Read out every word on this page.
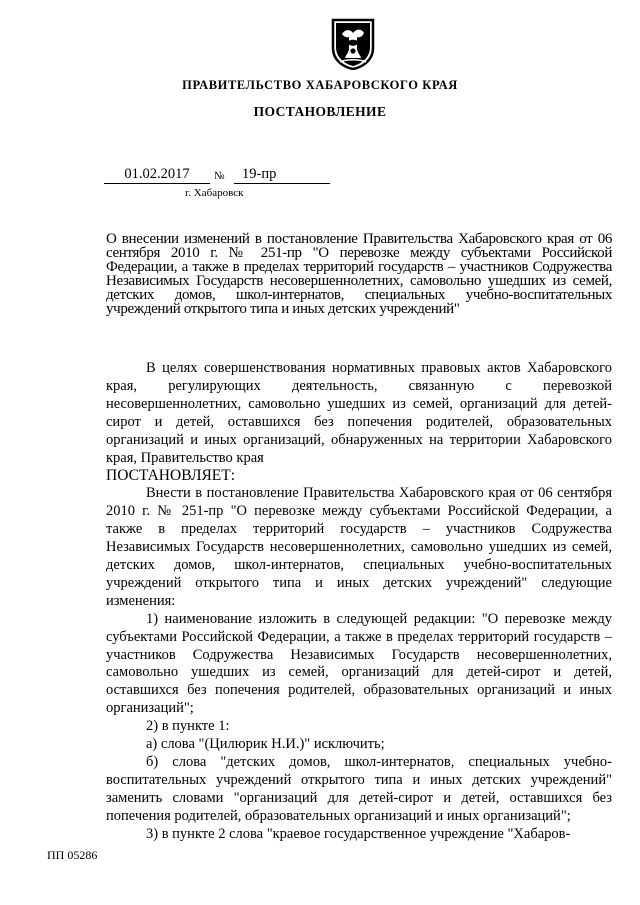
ПРАВИТЕЛЬСТВО ХАБАРОВСКОГО КРАЯ
ПОСТАНОВЛЕНИЕ
01.02.2017	№	19-пр
г. Хабаровск
О внесении изменений в постановление Правительства Хабаровского края от 06 сентября 2010 г. № 251-пр "О перевозке между субъектами Российской Федерации, а также в пределах территорий государств – участников Содружества Независимых Государств несовершеннолетних, самовольно ушедших из семей, детских домов, школ-интернатов, специальных учебно-воспитательных учреждений открытого типа и иных детских учреждений"

В целях совершенствования нормативных правовых актов Хабаровского края, регулирующих деятельность, связанную с перевозкой несовершеннолетних, самовольно ушедших из семей, организаций для детей-сирот и детей, оставшихся без попечения родителей, образовательных организаций и иных организаций, обнаруженных на территории Хабаровского края, Правительство края

ПОСТАНОВЛЯЕТ:

Внести в постановление Правительства Хабаровского края от 06 сентября 2010 г. № 251-пр "О перевозке между субъектами Российской Федерации, а также в пределах территорий государств – участников Содружества Независимых Государств несовершеннолетних, самовольно ушедших из семей, детских домов, школ-интернатов, специальных учебно-воспитательных учреждений открытого типа и иных детских учреждений" следующие изменения:

1) наименование изложить в следующей редакции: "О перевозке между субъектами Российской Федерации, а также в пределах территорий государств – участников Содружества Независимых Государств несовершеннолетних, самовольно ушедших из семей, организаций для детей-сирот и детей, оставшихся без попечения родителей, образовательных организаций и иных организаций";

2) в пункте 1:

а) слова "(Цилюрик Н.И.)" исключить;

б) слова "детских домов, школ-интернатов, специальных учебно-воспитательных учреждений открытого типа и иных детских учреждений" заменить словами "организаций для детей-сирот и детей, оставшихся без попечения родителей, образовательных организаций и иных организаций";

3) в пункте 2 слова "краевое государственное учреждение "Хабаров-

ПП 05286
